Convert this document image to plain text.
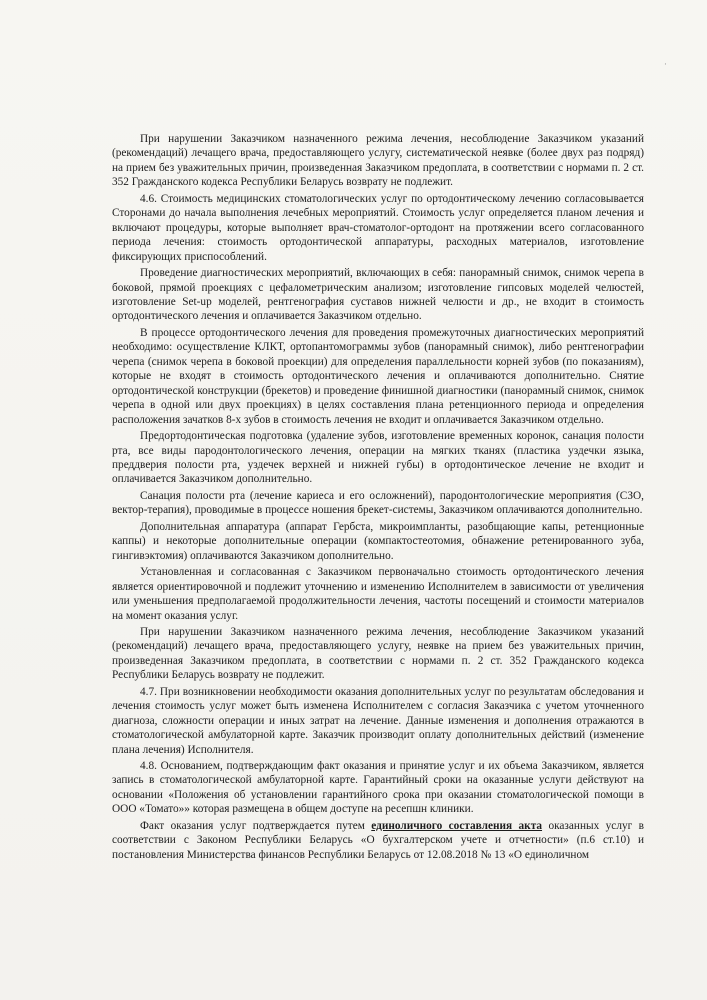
·

При нарушении Заказчиком назначенного режима лечения, несоблюдение Заказчиком указаний (рекомендаций) лечащего врача, предоставляющего услугу, систематической неявке (более двух раз подряд) на прием без уважительных причин, произведенная Заказчиком предоплата, в соответствии с нормами п. 2 ст. 352 Гражданского кодекса Республики Беларусь возврату не подлежит.

4.6. Стоимость медицинских стоматологических услуг по ортодонтическому лечению согласовывается Сторонами до начала выполнения лечебных мероприятий. Стоимость услуг определяется планом лечения и включают процедуры, которые выполняет врач-стоматолог-ортодонт на протяжении всего согласованного периода лечения: стоимость ортодонтической аппаратуры, расходных материалов, изготовление фиксирующих приспособлений.

Проведение диагностических мероприятий, включающих в себя: панорамный снимок, снимок черепа в боковой, прямой проекциях с цефалометрическим анализом; изготовление гипсовых моделей челюстей, изготовление Set-up моделей, рентгенография суставов нижней челюсти и др., не входит в стоимость ортодонтического лечения и оплачивается Заказчиком отдельно.

В процессе ортодонтического лечения для проведения промежуточных диагностических мероприятий необходимо: осуществление КЛКТ, ортопантомограммы зубов (панорамный снимок), либо рентгенографии черепа (снимок черепа в боковой проекции) для определения параллельности корней зубов (по показаниям), которые не входят в стоимость ортодонтического лечения и оплачиваются дополнительно. Снятие ортодонтической конструкции (брекетов) и проведение финишной диагностики (панорамный снимок, снимок черепа в одной или двух проекциях) в целях составления плана ретенционного периода и определения расположения зачатков 8-х зубов в стоимость лечения не входит и оплачивается Заказчиком отдельно.

Предортодонтическая подготовка (удаление зубов, изготовление временных коронок, санация полости рта, все виды пародонтологического лечения, операции на мягких тканях (пластика уздечки языка, преддверия полости рта, уздечек верхней и нижней губы) в ортодонтическое лечение не входит и оплачивается Заказчиком дополнительно.

Санация полости рта (лечение кариеса и его осложнений), пародонтологические мероприятия (СЗО, вектор-терапия), проводимые в процессе ношения брекет-системы, Заказчиком оплачиваются дополнительно.

Дополнительная аппаратура (аппарат Гербста, микроимпланты, разобщающие капы, ретенционные каппы) и некоторые дополнительные операции (компактостеотомия, обнажение ретенированного зуба, гингивэктомия) оплачиваются Заказчиком дополнительно.

Установленная и согласованная с Заказчиком первоначально стоимость ортодонтического лечения является ориентировочной и подлежит уточнению и изменению Исполнителем в зависимости от увеличения или уменьшения предполагаемой продолжительности лечения, частоты посещений и стоимости материалов на момент оказания услуг.

При нарушении Заказчиком назначенного режима лечения, несоблюдение Заказчиком указаний (рекомендаций) лечащего врача, предоставляющего услугу, неявке на прием без уважительных причин, произведенная Заказчиком предоплата, в соответствии с нормами п. 2 ст. 352 Гражданского кодекса Республики Беларусь возврату не подлежит.

4.7. При возникновении необходимости оказания дополнительных услуг по результатам обследования и лечения стоимость услуг может быть изменена Исполнителем с согласия Заказчика с учетом уточненного диагноза, сложности операции и иных затрат на лечение. Данные изменения и дополнения отражаются в стоматологической амбулаторной карте. Заказчик производит оплату дополнительных действий (изменение плана лечения) Исполнителя.

4.8. Основанием, подтверждающим факт оказания и принятие услуг и их объема Заказчиком, является запись в стоматологической амбулаторной карте. Гарантийный сроки на оказанные услуги действуют на основании «Положения об установлении гарантийного срока при оказании стоматологической помощи в ООО «Томато»» которая размещена в общем доступе на ресепшн клиники.

Факт оказания услуг подтверждается путем единоличного составления акта оказанных услуг в соответствии с Законом Республики Беларусь «О бухгалтерском учете и отчетности» (п.6 ст.10) и постановления Министерства финансов Республики Беларусь от 12.08.2018 № 13 «О единоличном
